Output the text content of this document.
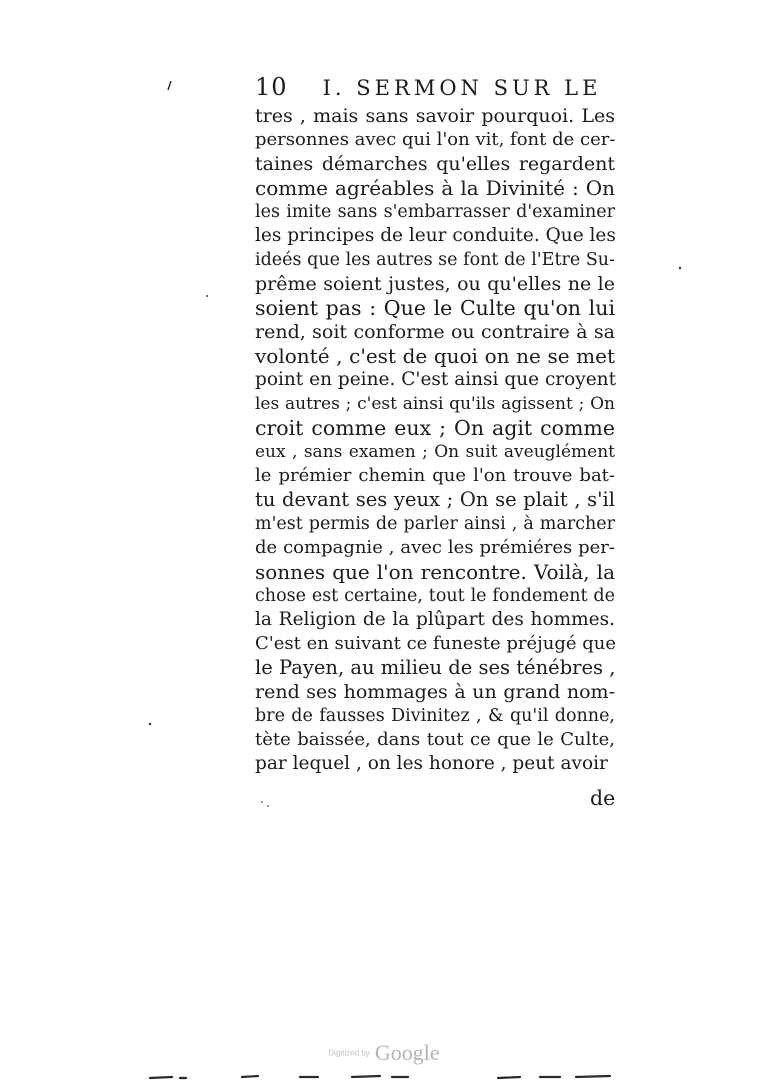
10 I. SERMON SUR LE
tres , mais sans savoir pourquoi. Les
personnes avec qui l'on vit, font de cer-
taines démarches qu'elles regardent
comme agréables à la Divinité : On
les imite sans s'embarrasser d'examiner
les principes de leur conduite. Que les
ideés que les autres se font de l'Etre Su-
prême soient justes, ou qu'elles ne le
soient pas : Que le Culte qu'on lui
rend, soit conforme ou contraire à sa
volonté , c'est de quoi on ne se met
point en peine. C'est ainsi que croyent
les autres ; c'est ainsi qu'ils agissent ; On
croit comme eux ; On agit comme
eux , sans examen ; On suit aveuglément
le prémier chemin que l'on trouve bat-
tu devant ses yeux ; On se plait , s'il
m'est permis de parler ainsi , à marcher
de compagnie , avec les prémiéres per-
sonnes que l'on rencontre. Voilà, la
chose est certaine, tout le fondement de
la Religion de la plûpart des hommes.
C'est en suivant ce funeste préjugé que
le Payen, au milieu de ses ténébres ,
rend ses hommages à un grand nom-
bre de fausses Divinitez , & qu'il donne,
tète baissée, dans tout ce que le Culte,
par lequel , on les honore , peut avoir
de
Digitized by Google
